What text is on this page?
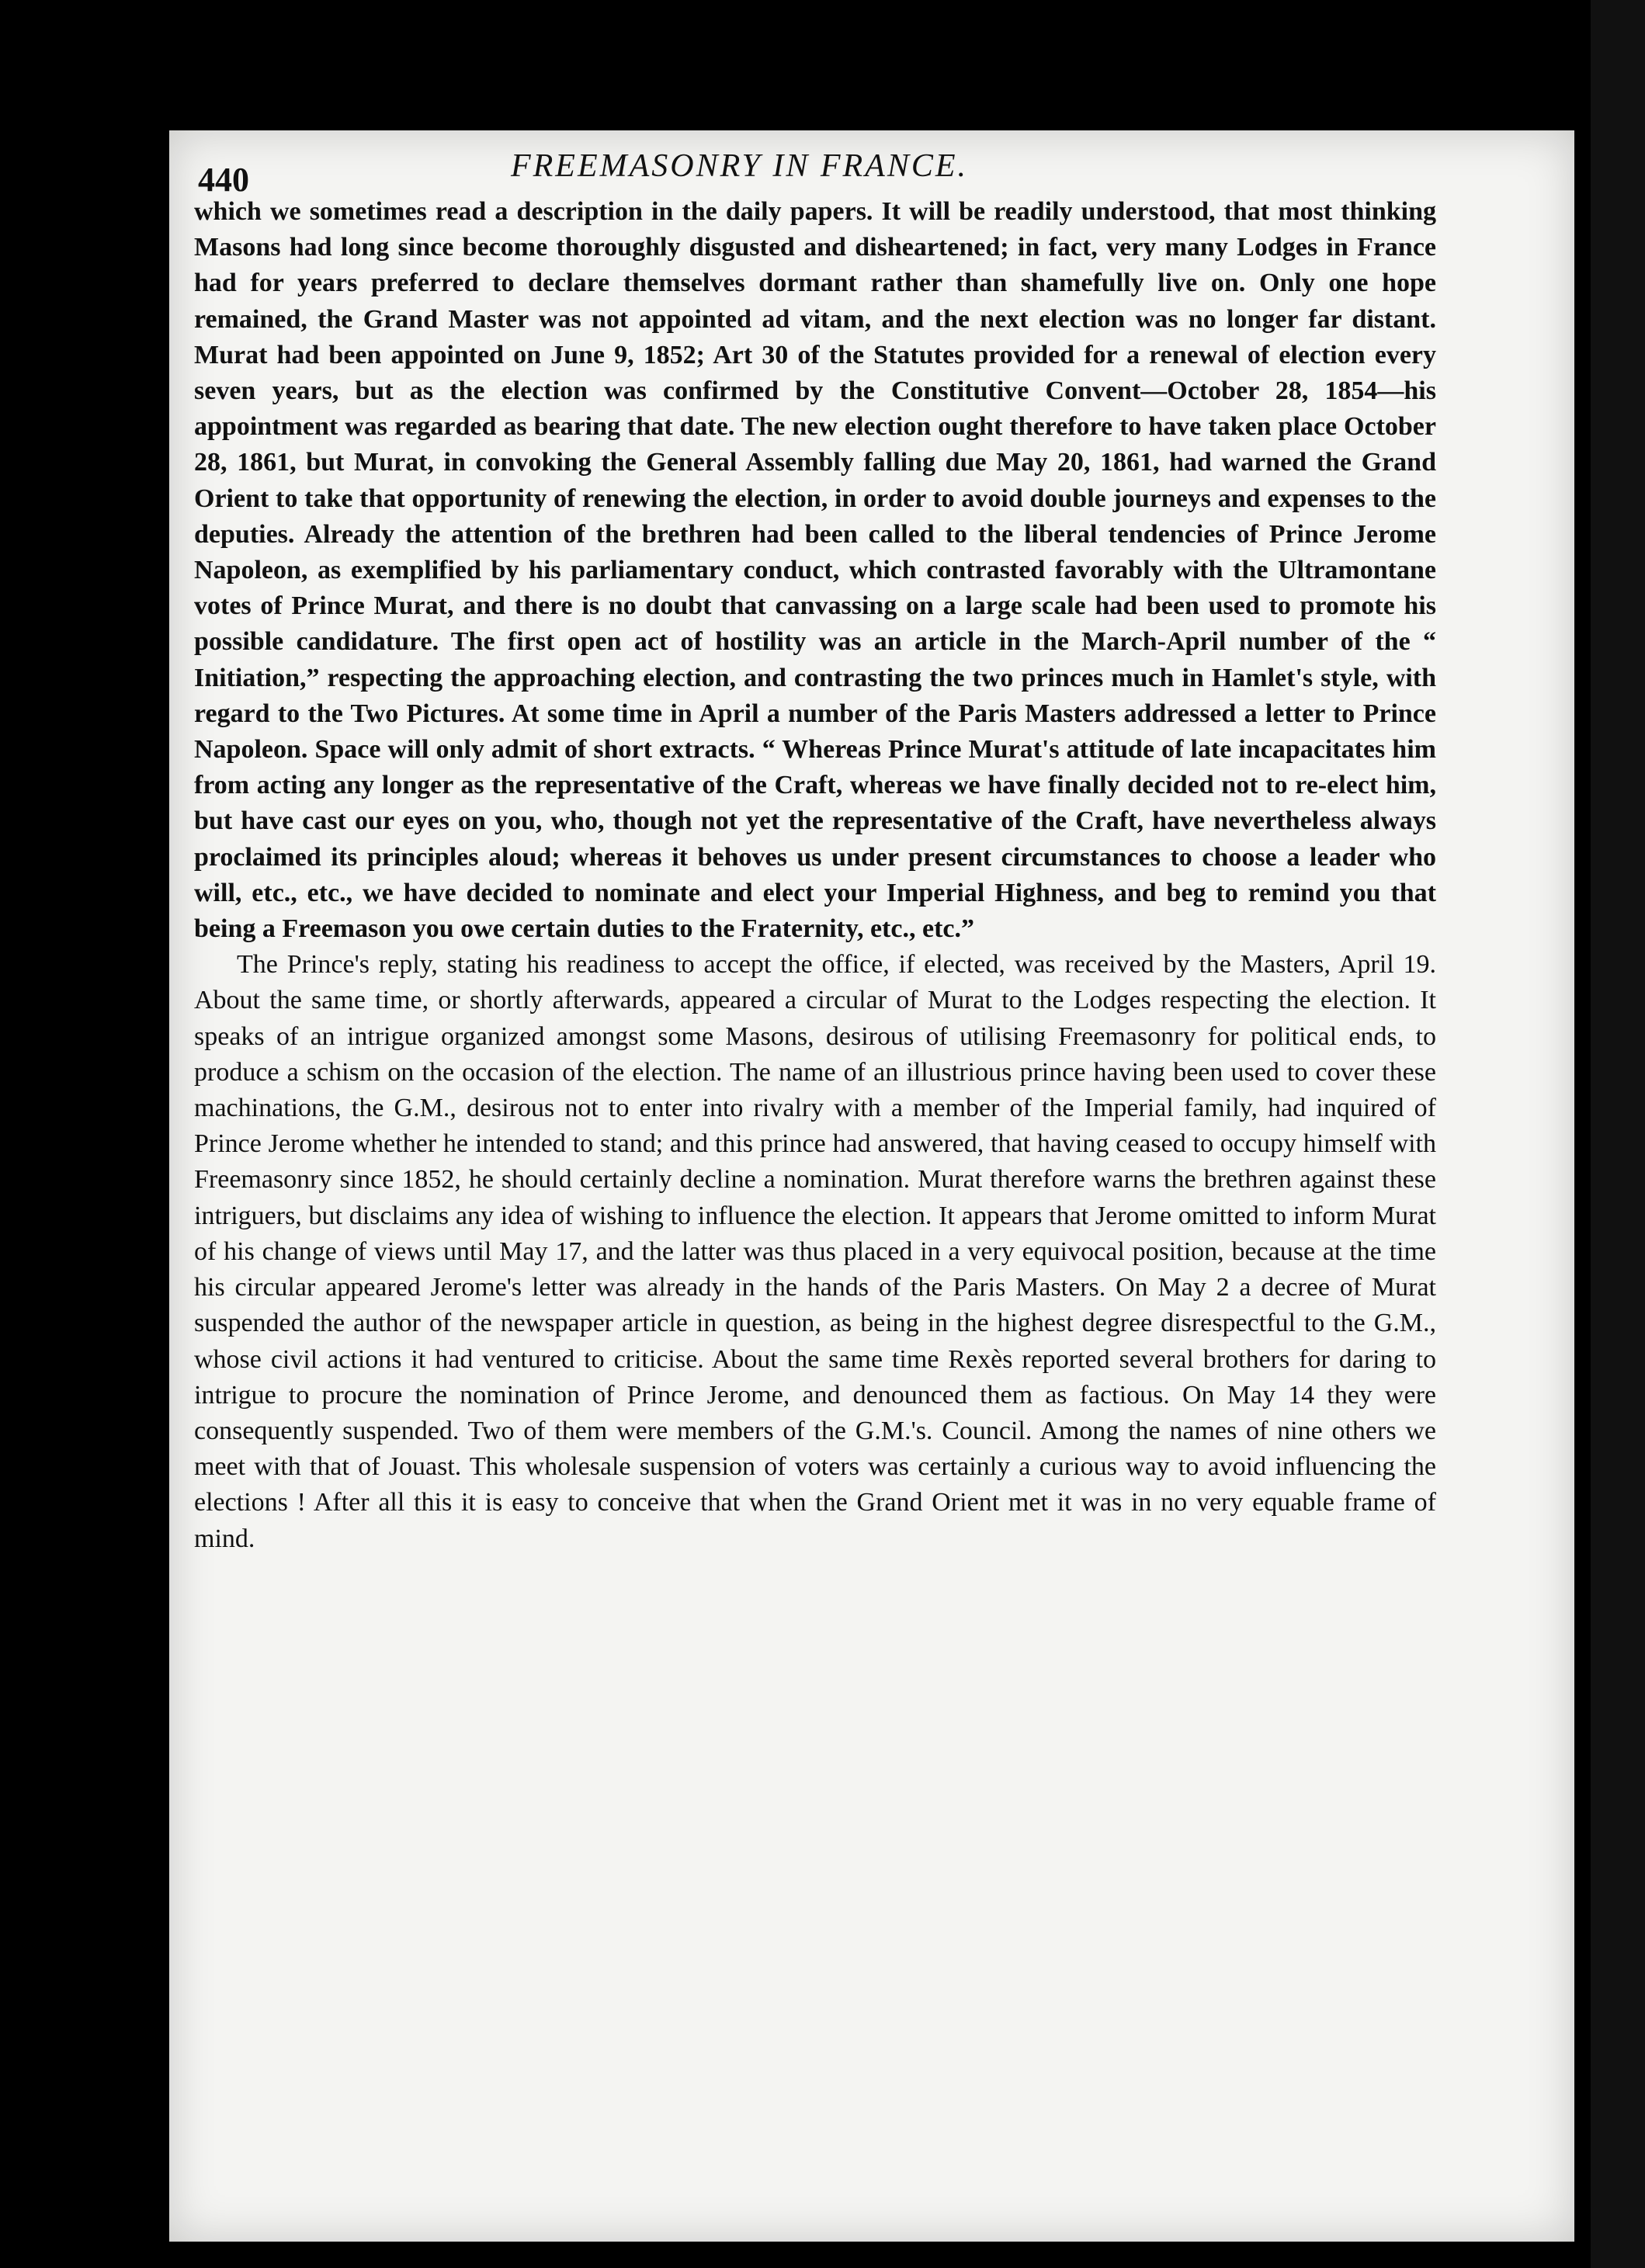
440	FREEMASONRY IN FRANCE.

which we sometimes read a description in the daily papers. It will be readily understood, that most thinking Masons had long since become thoroughly disgusted and disheartened; in fact, very many Lodges in France had for years preferred to declare themselves dormant rather than shamefully live on. Only one hope remained, the Grand Master was not appointed ad vitam, and the next election was no longer far distant. Murat had been appointed on June 9, 1852; Art 30 of the Statutes provided for a renewal of election every seven years, but as the election was confirmed by the Constitutive Convent—October 28, 1854—his appointment was regarded as bearing that date. The new election ought therefore to have taken place October 28, 1861, but Murat, in convoking the General Assembly falling due May 20, 1861, had warned the Grand Orient to take that opportunity of renewing the election, in order to avoid double journeys and expenses to the deputies. Already the attention of the brethren had been called to the liberal tendencies of Prince Jerome Napoleon, as exemplified by his parliamentary conduct, which contrasted favorably with the Ultramontane votes of Prince Murat, and there is no doubt that canvassing on a large scale had been used to promote his possible candidature. The first open act of hostility was an article in the March-April number of the “ Initiation,” respecting the approaching election, and contrasting the two princes much in Hamlet's style, with regard to the Two Pictures. At some time in April a number of the Paris Masters addressed a letter to Prince Napoleon. Space will only admit of short extracts. “ Whereas Prince Murat's attitude of late incapacitates him from acting any longer as the representative of the Craft, whereas we have finally decided not to re-elect him, but have cast our eyes on you, who, though not yet the representative of the Craft, have nevertheless always proclaimed its principles aloud; whereas it behoves us under present circumstances to choose a leader who will, etc., etc., we have decided to nominate and elect your Imperial Highness, and beg to remind you that being a Freemason you owe certain duties to the Fraternity, etc., etc.”

The Prince's reply, stating his readiness to accept the office, if elected, was received by the Masters, April 19. About the same time, or shortly afterwards, appeared a circular of Murat to the Lodges respecting the election. It speaks of an intrigue organized amongst some Masons, desirous of utilising Freemasonry for political ends, to produce a schism on the occasion of the election. The name of an illustrious prince having been used to cover these machinations, the G.M., desirous not to enter into rivalry with a member of the Imperial family, had inquired of Prince Jerome whether he intended to stand; and this prince had answered, that having ceased to occupy himself with Freemasonry since 1852, he should certainly decline a nomination. Murat therefore warns the brethren against these intriguers, but disclaims any idea of wishing to influence the election. It appears that Jerome omitted to inform Murat of his change of views until May 17, and the latter was thus placed in a very equivocal position, because at the time his circular appeared Jerome's letter was already in the hands of the Paris Masters. On May 2 a decree of Murat suspended the author of the newspaper article in question, as being in the highest degree disrespectful to the G.M., whose civil actions it had ventured to criticise. About the same time Rexès reported several brothers for daring to intrigue to procure the nomination of Prince Jerome, and denounced them as factious. On May 14 they were consequently suspended. Two of them were members of the G.M.'s. Council. Among the names of nine others we meet with that of Jouast. This wholesale suspension of voters was certainly a curious way to avoid influencing the elections ! After all this it is easy to conceive that when the Grand Orient met it was in no very equable frame of mind.
